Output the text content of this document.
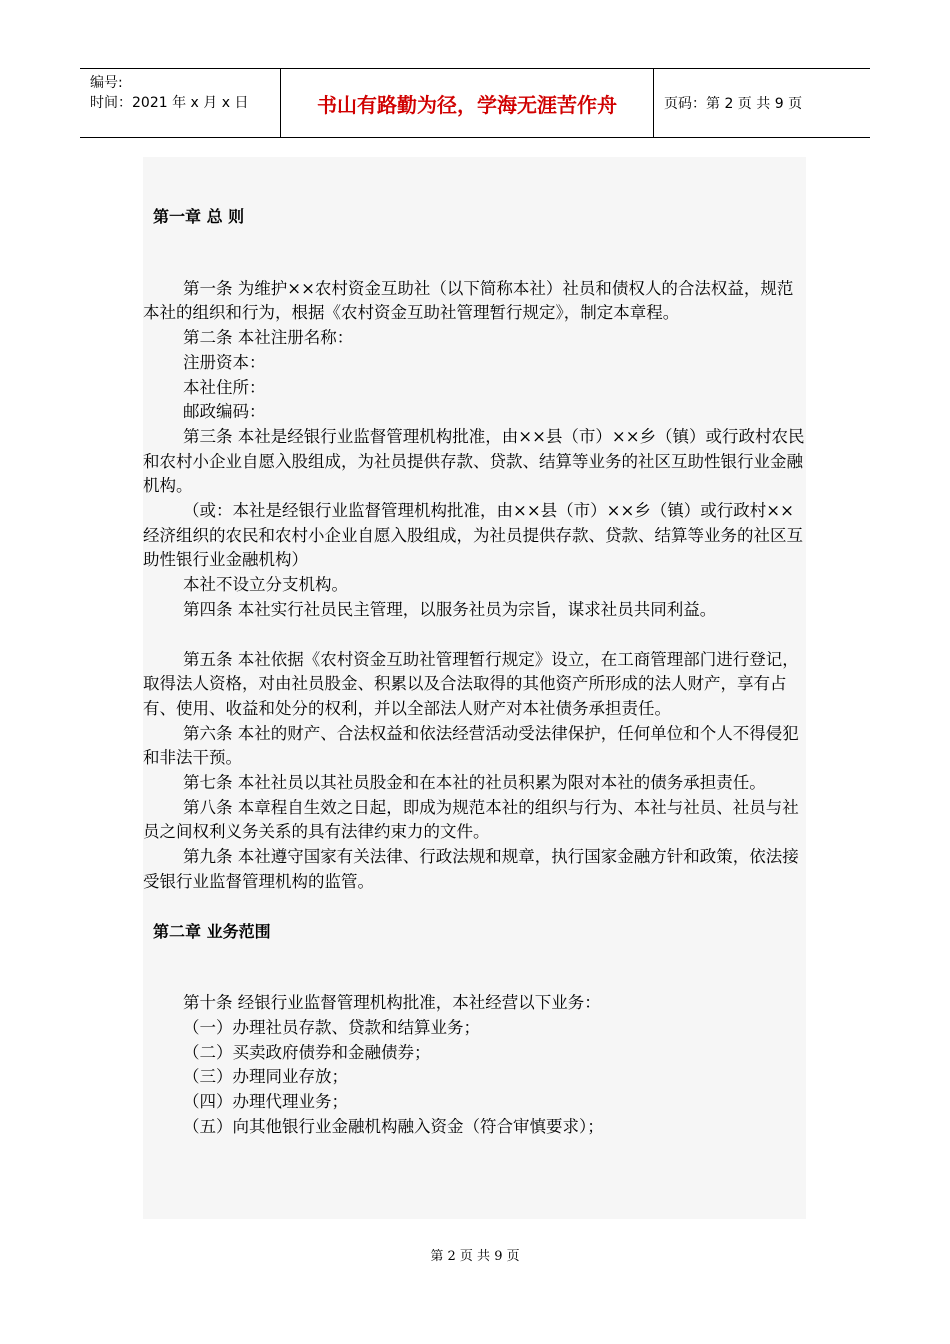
编号:
时间：2021 年 x 月 x 日	书山有路勤为径，学海无涯苦作舟	页码：第 2 页 共 9 页
第一章 总 则

第一条 为维护××农村资金互助社（以下简称本社）社员和债权人的合法权益，规范本社的组织和行为，根据《农村资金互助社管理暂行规定》，制定本章程。

第二条 本社注册名称：

注册资本：

本社住所：

邮政编码：

第三条 本社是经银行业监督管理机构批准，由××县（市）××乡（镇）或行政村农民和农村小企业自愿入股组成，为社员提供存款、贷款、结算等业务的社区互助性银行业金融机构。

（或：本社是经银行业监督管理机构批准，由××县（市）××乡（镇）或行政村××经济组织的农民和农村小企业自愿入股组成，为社员提供存款、贷款、结算等业务的社区互助性银行业金融机构）

本社不设立分支机构。

第四条 本社实行社员民主管理，以服务社员为宗旨，谋求社员共同利益。

第五条 本社依据《农村资金互助社管理暂行规定》设立，在工商管理部门进行登记，取得法人资格，对由社员股金、积累以及合法取得的其他资产所形成的法人财产，享有占有、使用、收益和处分的权利，并以全部法人财产对本社债务承担责任。

第六条 本社的财产、合法权益和依法经营活动受法律保护，任何单位和个人不得侵犯和非法干预。

第七条 本社社员以其社员股金和在本社的社员积累为限对本社的债务承担责任。

第八条 本章程自生效之日起，即成为规范本社的组织与行为、本社与社员、社员与社员之间权利义务关系的具有法律约束力的文件。

第九条 本社遵守国家有关法律、行政法规和规章，执行国家金融方针和政策，依法接受银行业监督管理机构的监管。

第二章 业务范围

第十条 经银行业监督管理机构批准，本社经营以下业务：

（一）办理社员存款、贷款和结算业务；

（二）买卖政府债券和金融债券；

（三）办理同业存放；

（四）办理代理业务；

（五）向其他银行业金融机构融入资金（符合审慎要求）；

第 2 页 共 9 页
